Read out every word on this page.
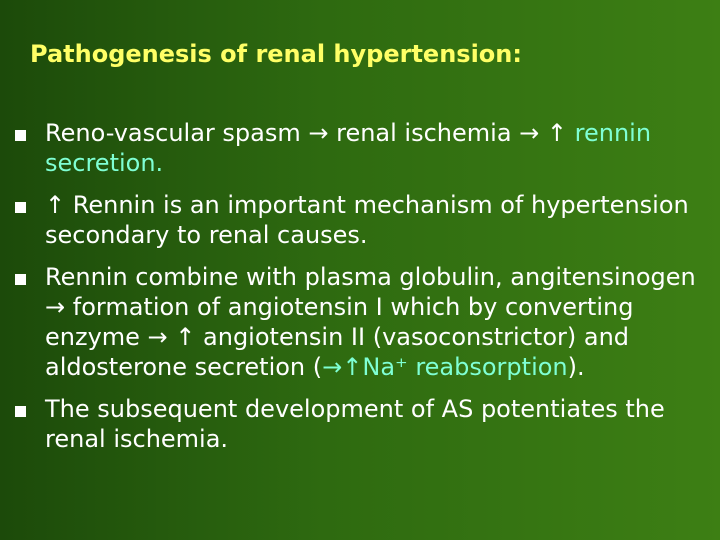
Pathogenesis of renal hypertension:
Reno-vascular spasm → renal ischemia → ↑ rennin secretion.
↑ Rennin is an important mechanism of hypertension secondary to renal causes.
Rennin combine with plasma globulin, angitensinogen → formation of angiotensin I which by converting enzyme → ↑ angiotensin II (vasoconstrictor) and aldosterone secretion (→↑Na⁺ reabsorption).
The subsequent development of AS potentiates the renal ischemia.
